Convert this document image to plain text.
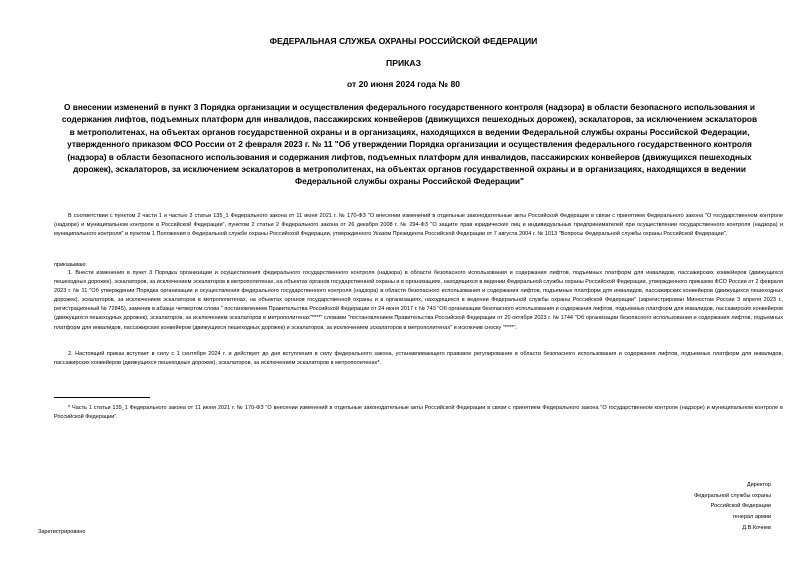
ФЕДЕРАЛЬНАЯ СЛУЖБА ОХРАНЫ РОССИЙСКОЙ ФЕДЕРАЦИИ
ПРИКАЗ
от 20 июня 2024 года № 80
О внесении изменений в пункт 3 Порядка организации и осуществления федерального государственного контроля (надзора) в области безопасного использования и содержания лифтов, подъемных платформ для инвалидов, пассажирских конвейеров (движущихся пешеходных дорожек), эскалаторов, за исключением эскалаторов в метрополитенах, на объектах органов государственной охраны и в организациях, находящихся в ведении Федеральной службы охраны Российской Федерации, утвержденного приказом ФСО России от 2 февраля 2023 г. № 11 "Об утверждении Порядка организации и осуществления федерального государственного контроля (надзора) в области безопасного использования и содержания лифтов, подъемных платформ для инвалидов, пассажирских конвейеров (движущихся пешеходных дорожек), эскалаторов, за исключением эскалаторов в метрополитенах, на объектах органов государственной охраны и в организациях, находящихся в ведении Федеральной службы охраны Российской Федерации"
В соответствии с пунктом 2 части 1 и частью 3 статьи 135_1 Федерального закона от 11 июня 2021 г. № 170-ФЗ "О внесении изменений в отдельные законодательные акты Российской Федерации в связи с принятием Федерального закона "О государственном контроле (надзоре) и муниципальном контроле в Российской Федерации", пунктом 2 статьи 2 Федерального закона от 26 декабря 2008 г. № 294-ФЗ "О защите прав юридических лиц и индивидуальных предпринимателей при осуществлении государственного контроля (надзора) и муниципального контроля" и пунктом 1 Положения о Федеральной службе охраны Российской Федерации, утвержденного Указом Президента Российской Федерации от 7 августа 2004 г. № 1013 "Вопросы Федеральной службы охраны Российской Федерации",
приказываю:
1. Внести изменения в пункт 3 Порядка организации и осуществления федерального государственного контроля (надзора) в области безопасного использования и содержания лифтов, подъемных платформ для инвалидов, пассажирских конвейеров (движущихся пешеходных дорожек), эскалаторов, за исключением эскалаторов в метрополитенах, на объектах органов государственной охраны и в организациях, находящихся в ведении Федеральной службы охраны Российской Федерации, утвержденного приказом ФСО России от 2 февраля 2023 г. № 11 "Об утверждении Порядка организации и осуществления федерального государственного контроля (надзора) в области безопасного использования и содержания лифтов, подъемных платформ для инвалидов, пассажирских конвейеров (движущихся пешеходных дорожек), эскалаторов, за исключением эскалаторов в метрополитенах, на объектах органов государственной охраны и в организациях, находящихся в ведении Федеральной службы охраны Российской Федерации" (зарегистрирован Минюстом России 3 апреля 2023 г., регистрационный № 72845), заменив в абзаце четвертом слова " постановлением Правительства Российской Федерации от 24 июня 2017 г. № 743 "Об организации безопасного использования и содержания лифтов, подъемных платформ для инвалидов, пассажирских конвейеров (движущихся пешеходных дорожек), эскалаторов, за исключением эскалаторов в метрополитенах"****" словами "постановлением Правительства Российской Федерации от 20 октября 2023 г. № 1744 "Об организации безопасного использования и содержания лифтов, подъемных платформ для инвалидов, пассажирских конвейеров (движущихся пешеходных дорожек) и эскалаторов, за исключением эскалаторов в метрополитенах" и исключив сноску "****".
2. Настоящий приказ вступает в силу с 1 сентября 2024 г. и действует до дня вступления в силу федерального закона, устанавливающего правовое регулирование в области безопасного использования и содержания лифтов, подъемных платформ для инвалидов, пассажирских конвейеров (движущихся пешеходных дорожек), эскалаторов, за исключением эскалаторов в метрополитенах*.
* Часть 1 статьи 135_1 Федерального закона от 11 июня 2021 г. № 170-ФЗ "О внесении изменений в отдельные законодательные акты Российской Федерации в связи с принятием Федерального закона "О государственном контроле (надзоре) и муниципальном контроле в Российской Федерации".
Директор
Федеральной службы охраны
Российской Федерации
генерал армии
Д.В.Кочнев
Зарегистрировано
